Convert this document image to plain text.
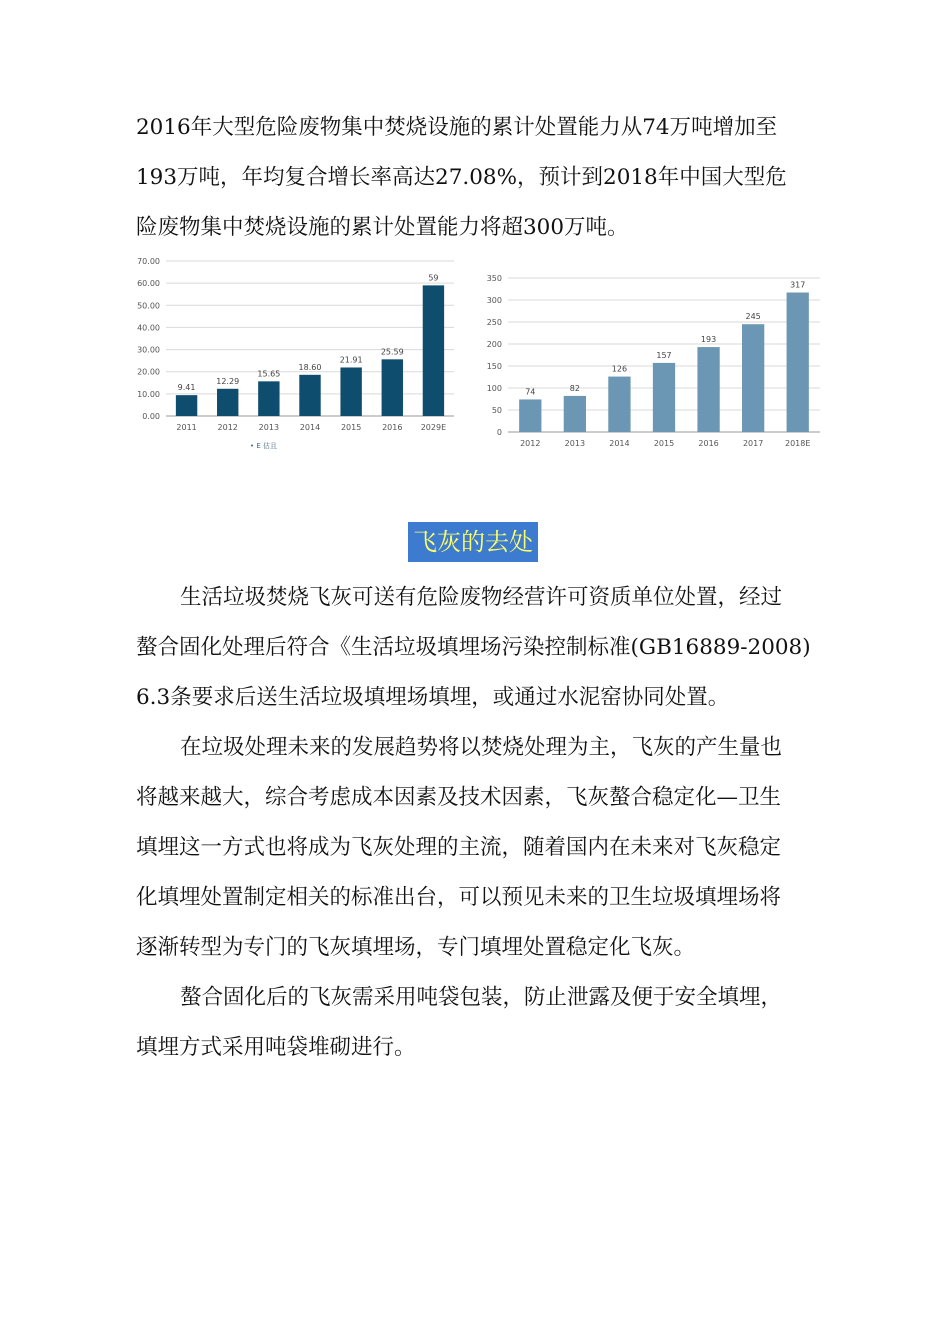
2016年大型危险废物集中焚烧设施的累计处置能力从74万吨增加至
193万吨，年均复合增长率高达27.08%，预计到2018年中国大型危
险废物集中焚烧设施的累计处置能力将超300万吨。
0.00
10.00
20.00
30.00
40.00
50.00
60.00
70.00
9.41
2011
12.29
2012
15.65
2013
18.60
2014
21.91
2015
25.59
2016
59
2029E
• E 估且
0
50
100
150
200
250
300
350
74
2012
82
2013
126
2014
157
2015
193
2016
245
2017
317
2018E
飞灰的去处
生活垃圾焚烧飞灰可送有危险废物经营许可资质单位处置，经过
螯合固化处理后符合《生活垃圾填埋场污染控制标准(GB16889-2008)
6.3条要求后送生活垃圾填埋场填埋，或通过水泥窑协同处置。
在垃圾处理未来的发展趋势将以焚烧处理为主，飞灰的产生量也
将越来越大，综合考虑成本因素及技术因素，飞灰螯合稳定化—卫生
填埋这一方式也将成为飞灰处理的主流，随着国内在未来对飞灰稳定
化填埋处置制定相关的标准出台，可以预见未来的卫生垃圾填埋场将
逐渐转型为专门的飞灰填埋场，专门填埋处置稳定化飞灰。
螯合固化后的飞灰需采用吨袋包装，防止泄露及便于安全填埋，
填埋方式采用吨袋堆砌进行。
